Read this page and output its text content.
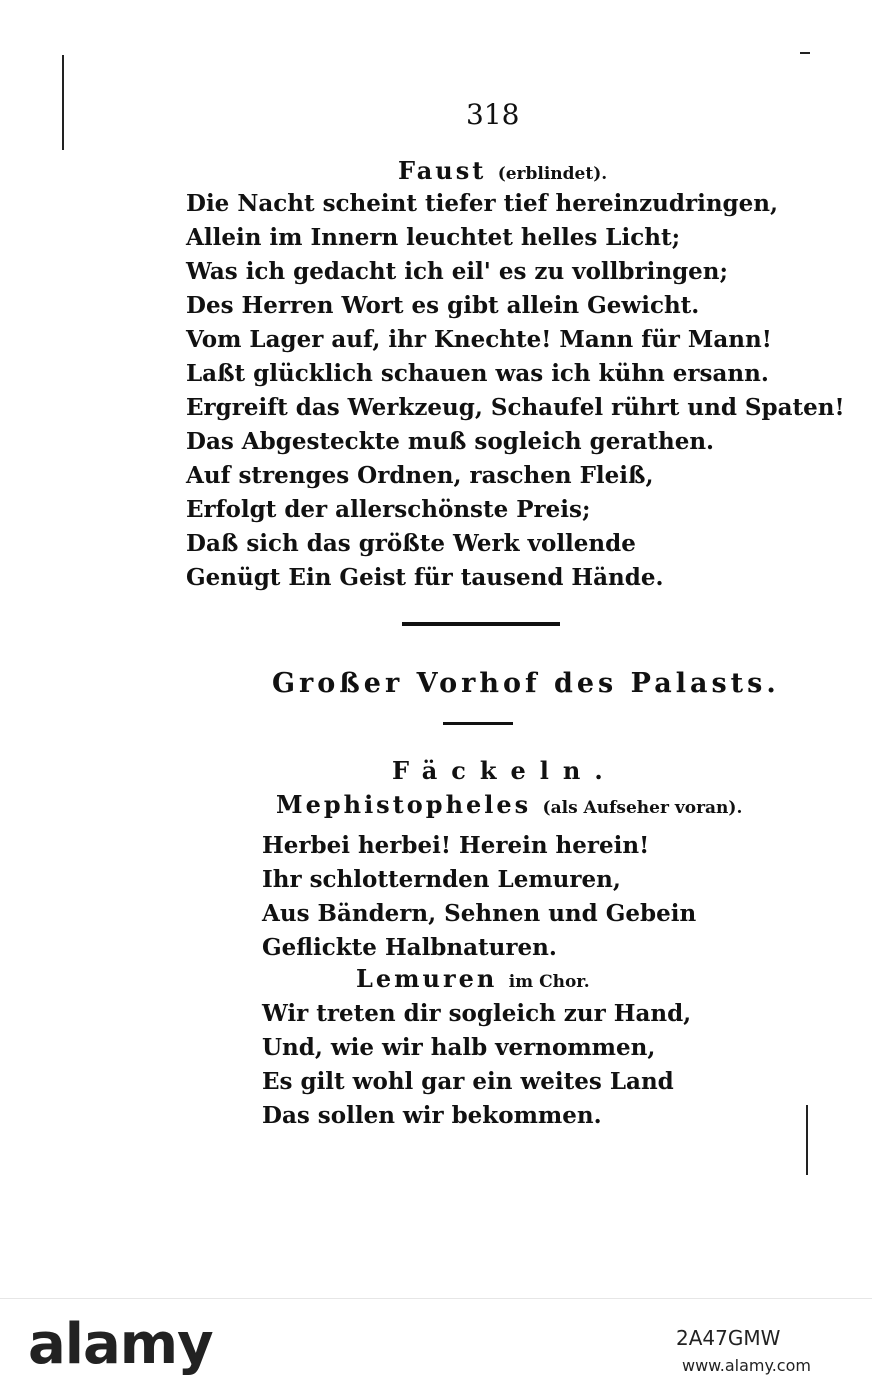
318
Faust (erblindet).
Die Nacht scheint tiefer tief hereinzudringen,
Allein im Innern leuchtet helles Licht;
Was ich gedacht ich eil' es zu vollbringen;
Des Herren Wort es gibt allein Gewicht.
Vom Lager auf, ihr Knechte! Mann für Mann!
Laßt glücklich schauen was ich kühn ersann.
Ergreift das Werkzeug, Schaufel rührt und Spaten!
Das Abgesteckte muß sogleich gerathen.
Auf strenges Ordnen, raschen Fleiß,
Erfolgt der allerschönste Preis;
Daß sich das größte Werk vollende
Genügt Ein Geist für tausend Hände.
Großer Vorhof des Palasts.
Fäckeln.
Mephistopheles (als Aufseher voran).
Herbei herbei! Herein herein!
Ihr schlotternden Lemuren,
Aus Bändern, Sehnen und Gebein
Geflickte Halbnaturen.
Lemuren im Chor.
Wir treten dir sogleich zur Hand,
Und, wie wir halb vernommen,
Es gilt wohl gar ein weites Land
Das sollen wir bekommen.
alamy	2A47GMW
www.alamy.com
